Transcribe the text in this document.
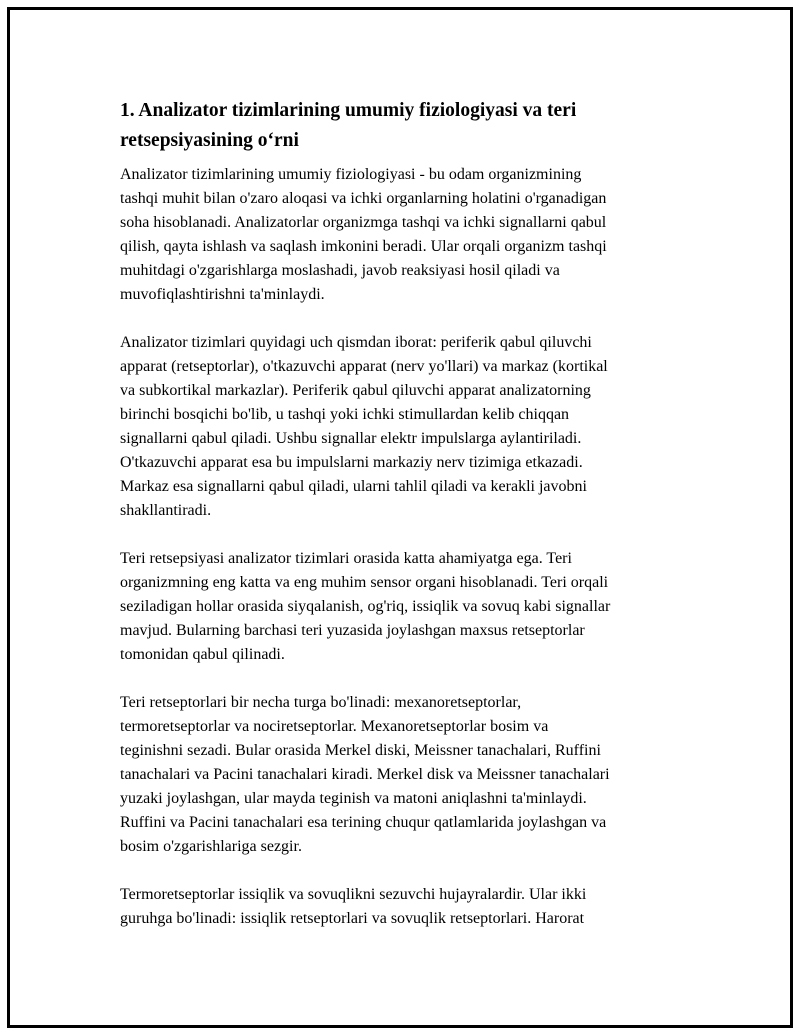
1. Analizator tizimlarining umumiy fiziologiyasi va teri retsepsiyasining o‘rni

Analizator tizimlarining umumiy fiziologiyasi - bu odam organizmining
tashqi muhit bilan o'zaro aloqasi va ichki organlarning holatini o'rganadigan
soha hisoblanadi. Analizatorlar organizmga tashqi va ichki signallarni qabul
qilish, qayta ishlash va saqlash imkonini beradi. Ular orqali organizm tashqi
muhitdagi o'zgarishlarga moslashadi, javob reaksiyasi hosil qiladi va
muvofiqlashtirishni ta'minlaydi.

Analizator tizimlari quyidagi uch qismdan iborat: periferik qabul qiluvchi
apparat (retseptorlar), o'tkazuvchi apparat (nerv yo'llari) va markaz (kortikal
va subkortikal markazlar). Periferik qabul qiluvchi apparat analizatorning
birinchi bosqichi bo'lib, u tashqi yoki ichki stimullardan kelib chiqqan
signallarni qabul qiladi. Ushbu signallar elektr impulslarga aylantiriladi.
O'tkazuvchi apparat esa bu impulslarni markaziy nerv tizimiga etkazadi.
Markaz esa signallarni qabul qiladi, ularni tahlil qiladi va kerakli javobni
shakllantiradi.

Teri retsepsiyasi analizator tizimlari orasida katta ahamiyatga ega. Teri
organizmning eng katta va eng muhim sensor organi hisoblanadi. Teri orqali
seziladigan hollar orasida siyqalanish, og'riq, issiqlik va sovuq kabi signallar
mavjud. Bularning barchasi teri yuzasida joylashgan maxsus retseptorlar
tomonidan qabul qilinadi.

Teri retseptorlari bir necha turga bo'linadi: mexanoretseptorlar,
termoretseptorlar va nociretseptorlar. Mexanoretseptorlar bosim va
teginishni sezadi. Bular orasida Merkel diski, Meissner tanachalari, Ruffini
tanachalari va Pacini tanachalari kiradi. Merkel disk va Meissner tanachalari
yuzaki joylashgan, ular mayda teginish va matoni aniqlashni ta'minlaydi.
Ruffini va Pacini tanachalari esa terining chuqur qatlamlarida joylashgan va
bosim o'zgarishlariga sezgir.

Termoretseptorlar issiqlik va sovuqlikni sezuvchi hujayralardir. Ular ikki
guruhga bo'linadi: issiqlik retseptorlari va sovuqlik retseptorlari. Harorat
